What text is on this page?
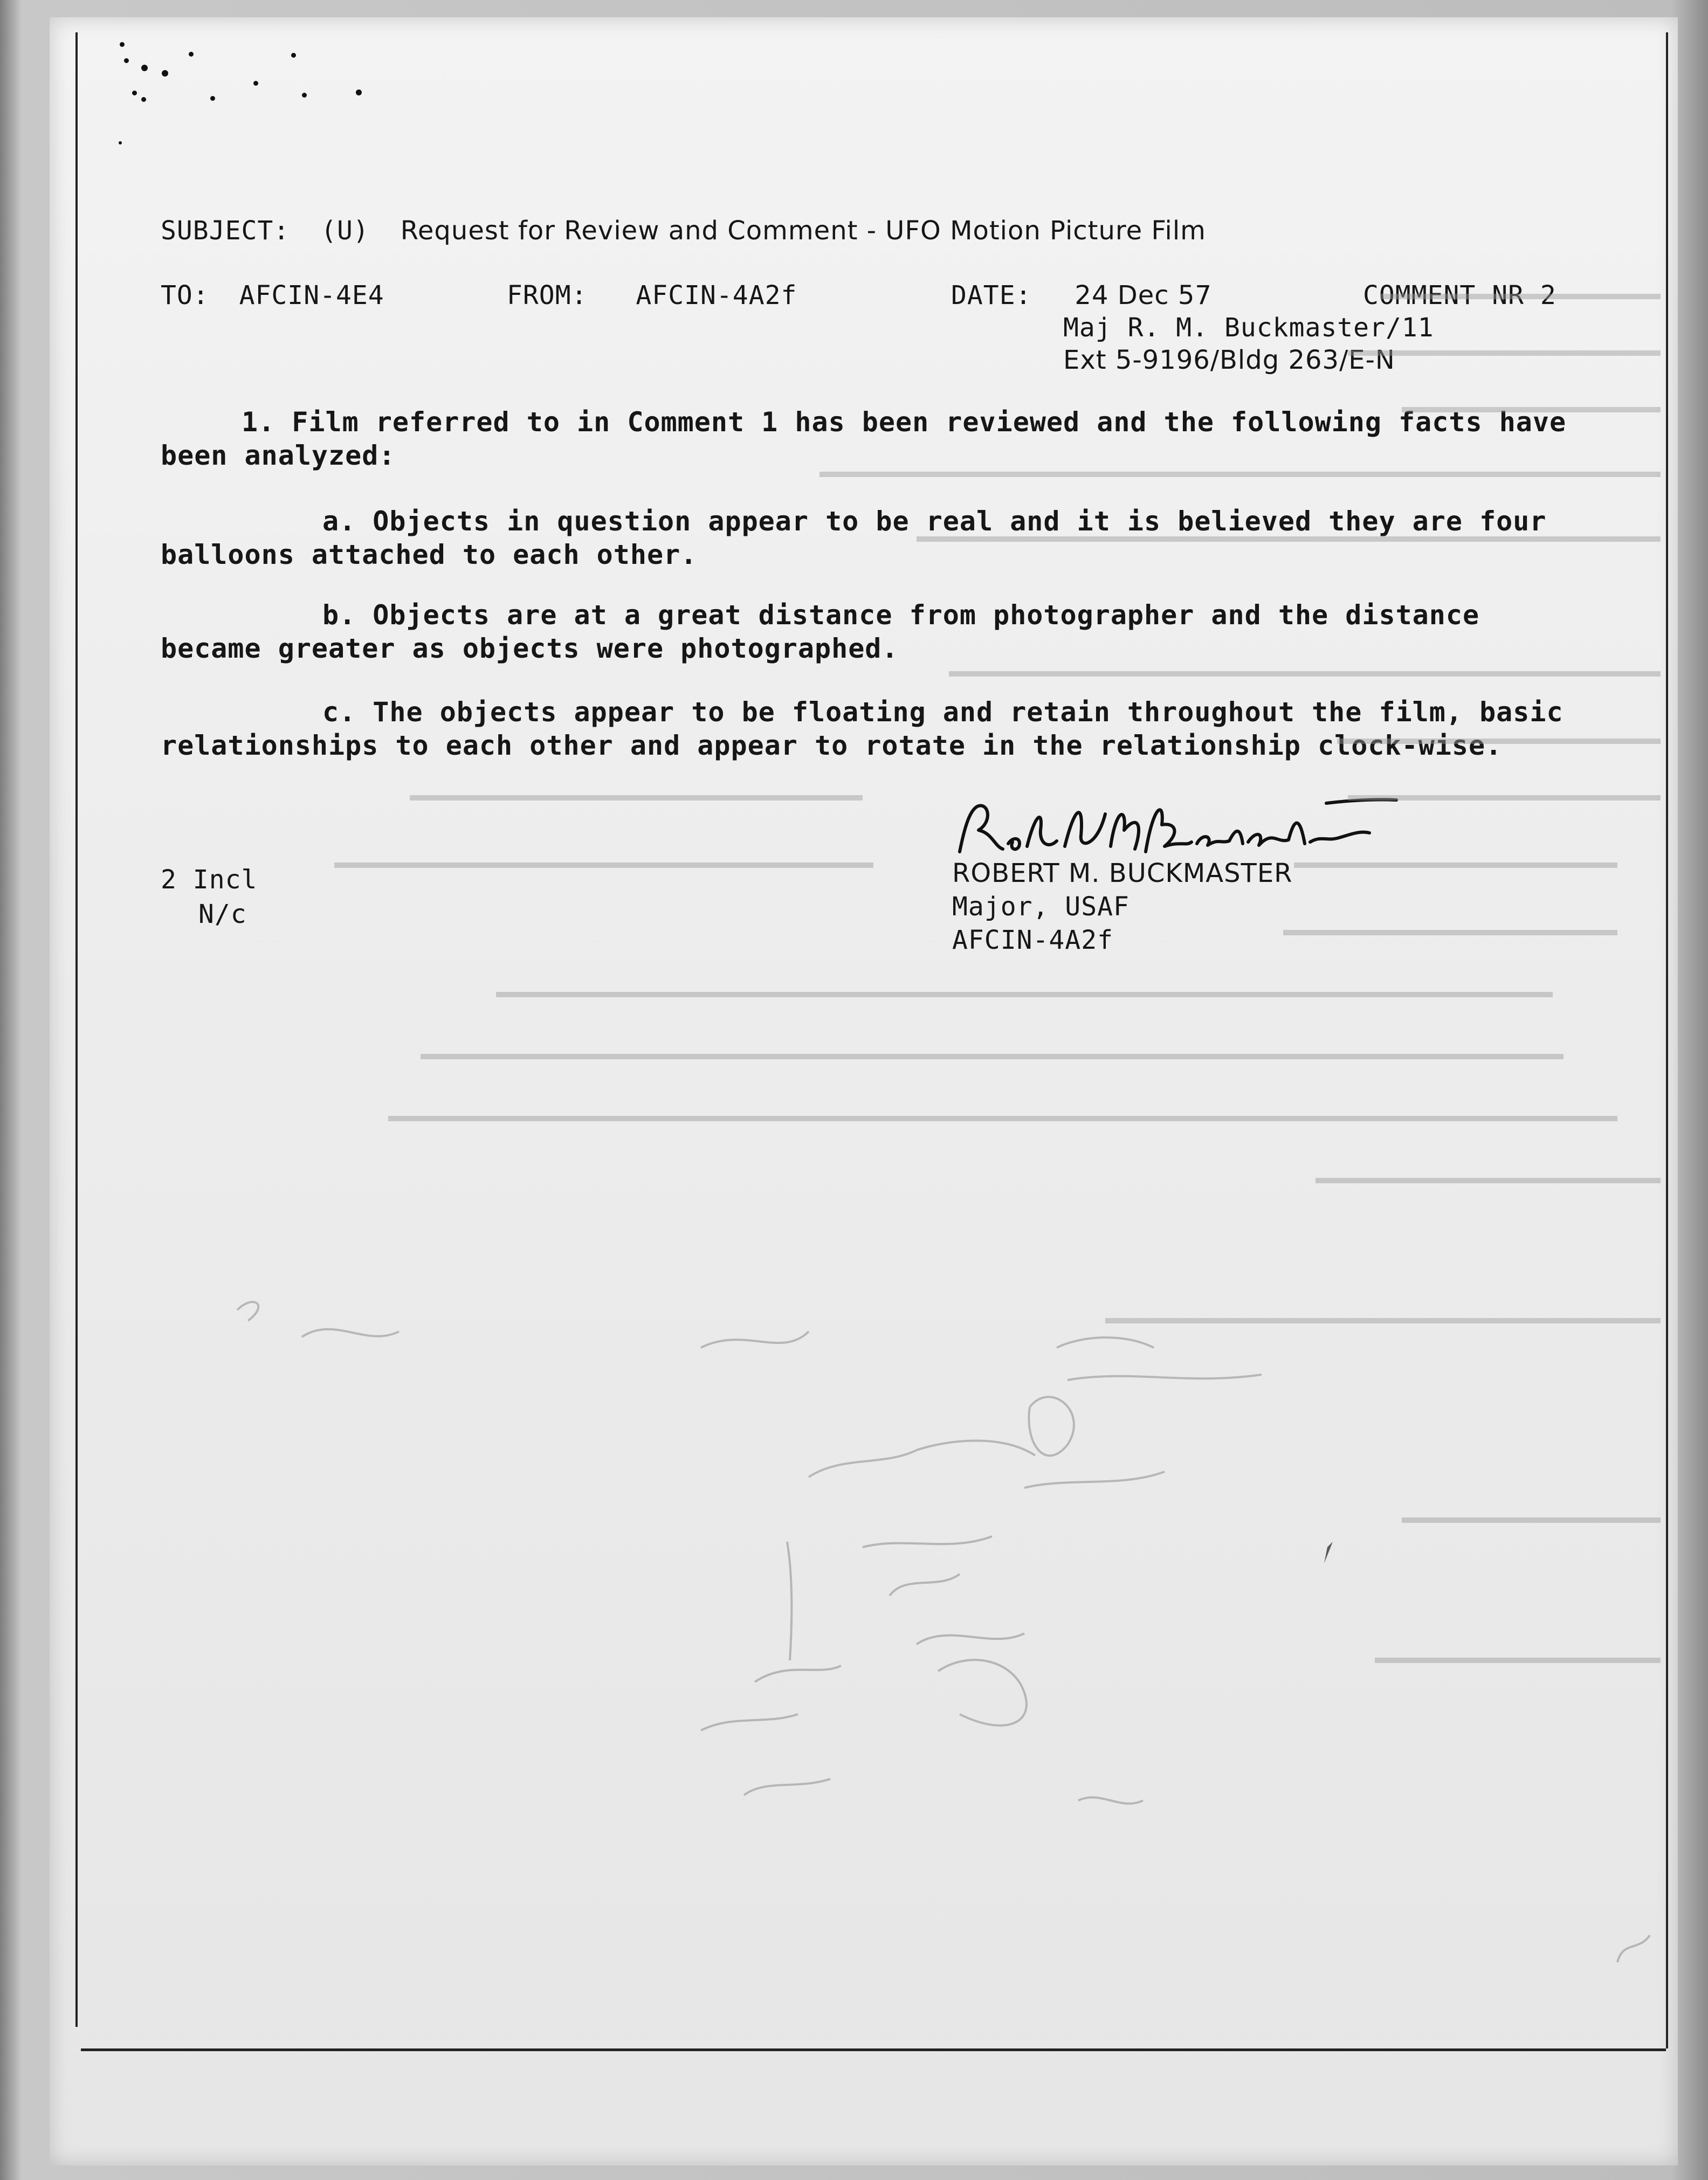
SUBJECT: (U) Request for Review and Comment - UFO Motion Picture Film
TO: AFCIN-4E4	FROM: AFCIN-4A2f	DATE: 24 Dec 57	COMMENT NR 2
Maj R. M. Buckmaster/11
Ext 5-9196/Bldg 263/E-N
1. Film referred to in Comment 1 has been reviewed and the following facts have
been analyzed:
a. Objects in question appear to be real and it is believed they are four
balloons attached to each other.
b. Objects are at a great distance from photographer and the distance
became greater as objects were photographed.
c. The objects appear to be floating and retain throughout the film, basic
relationships to each other and appear to rotate in the relationship clock-wise.
2 Incl
N/c
ROBERT M. BUCKMASTER
Major, USAF
AFCIN-4A2f
